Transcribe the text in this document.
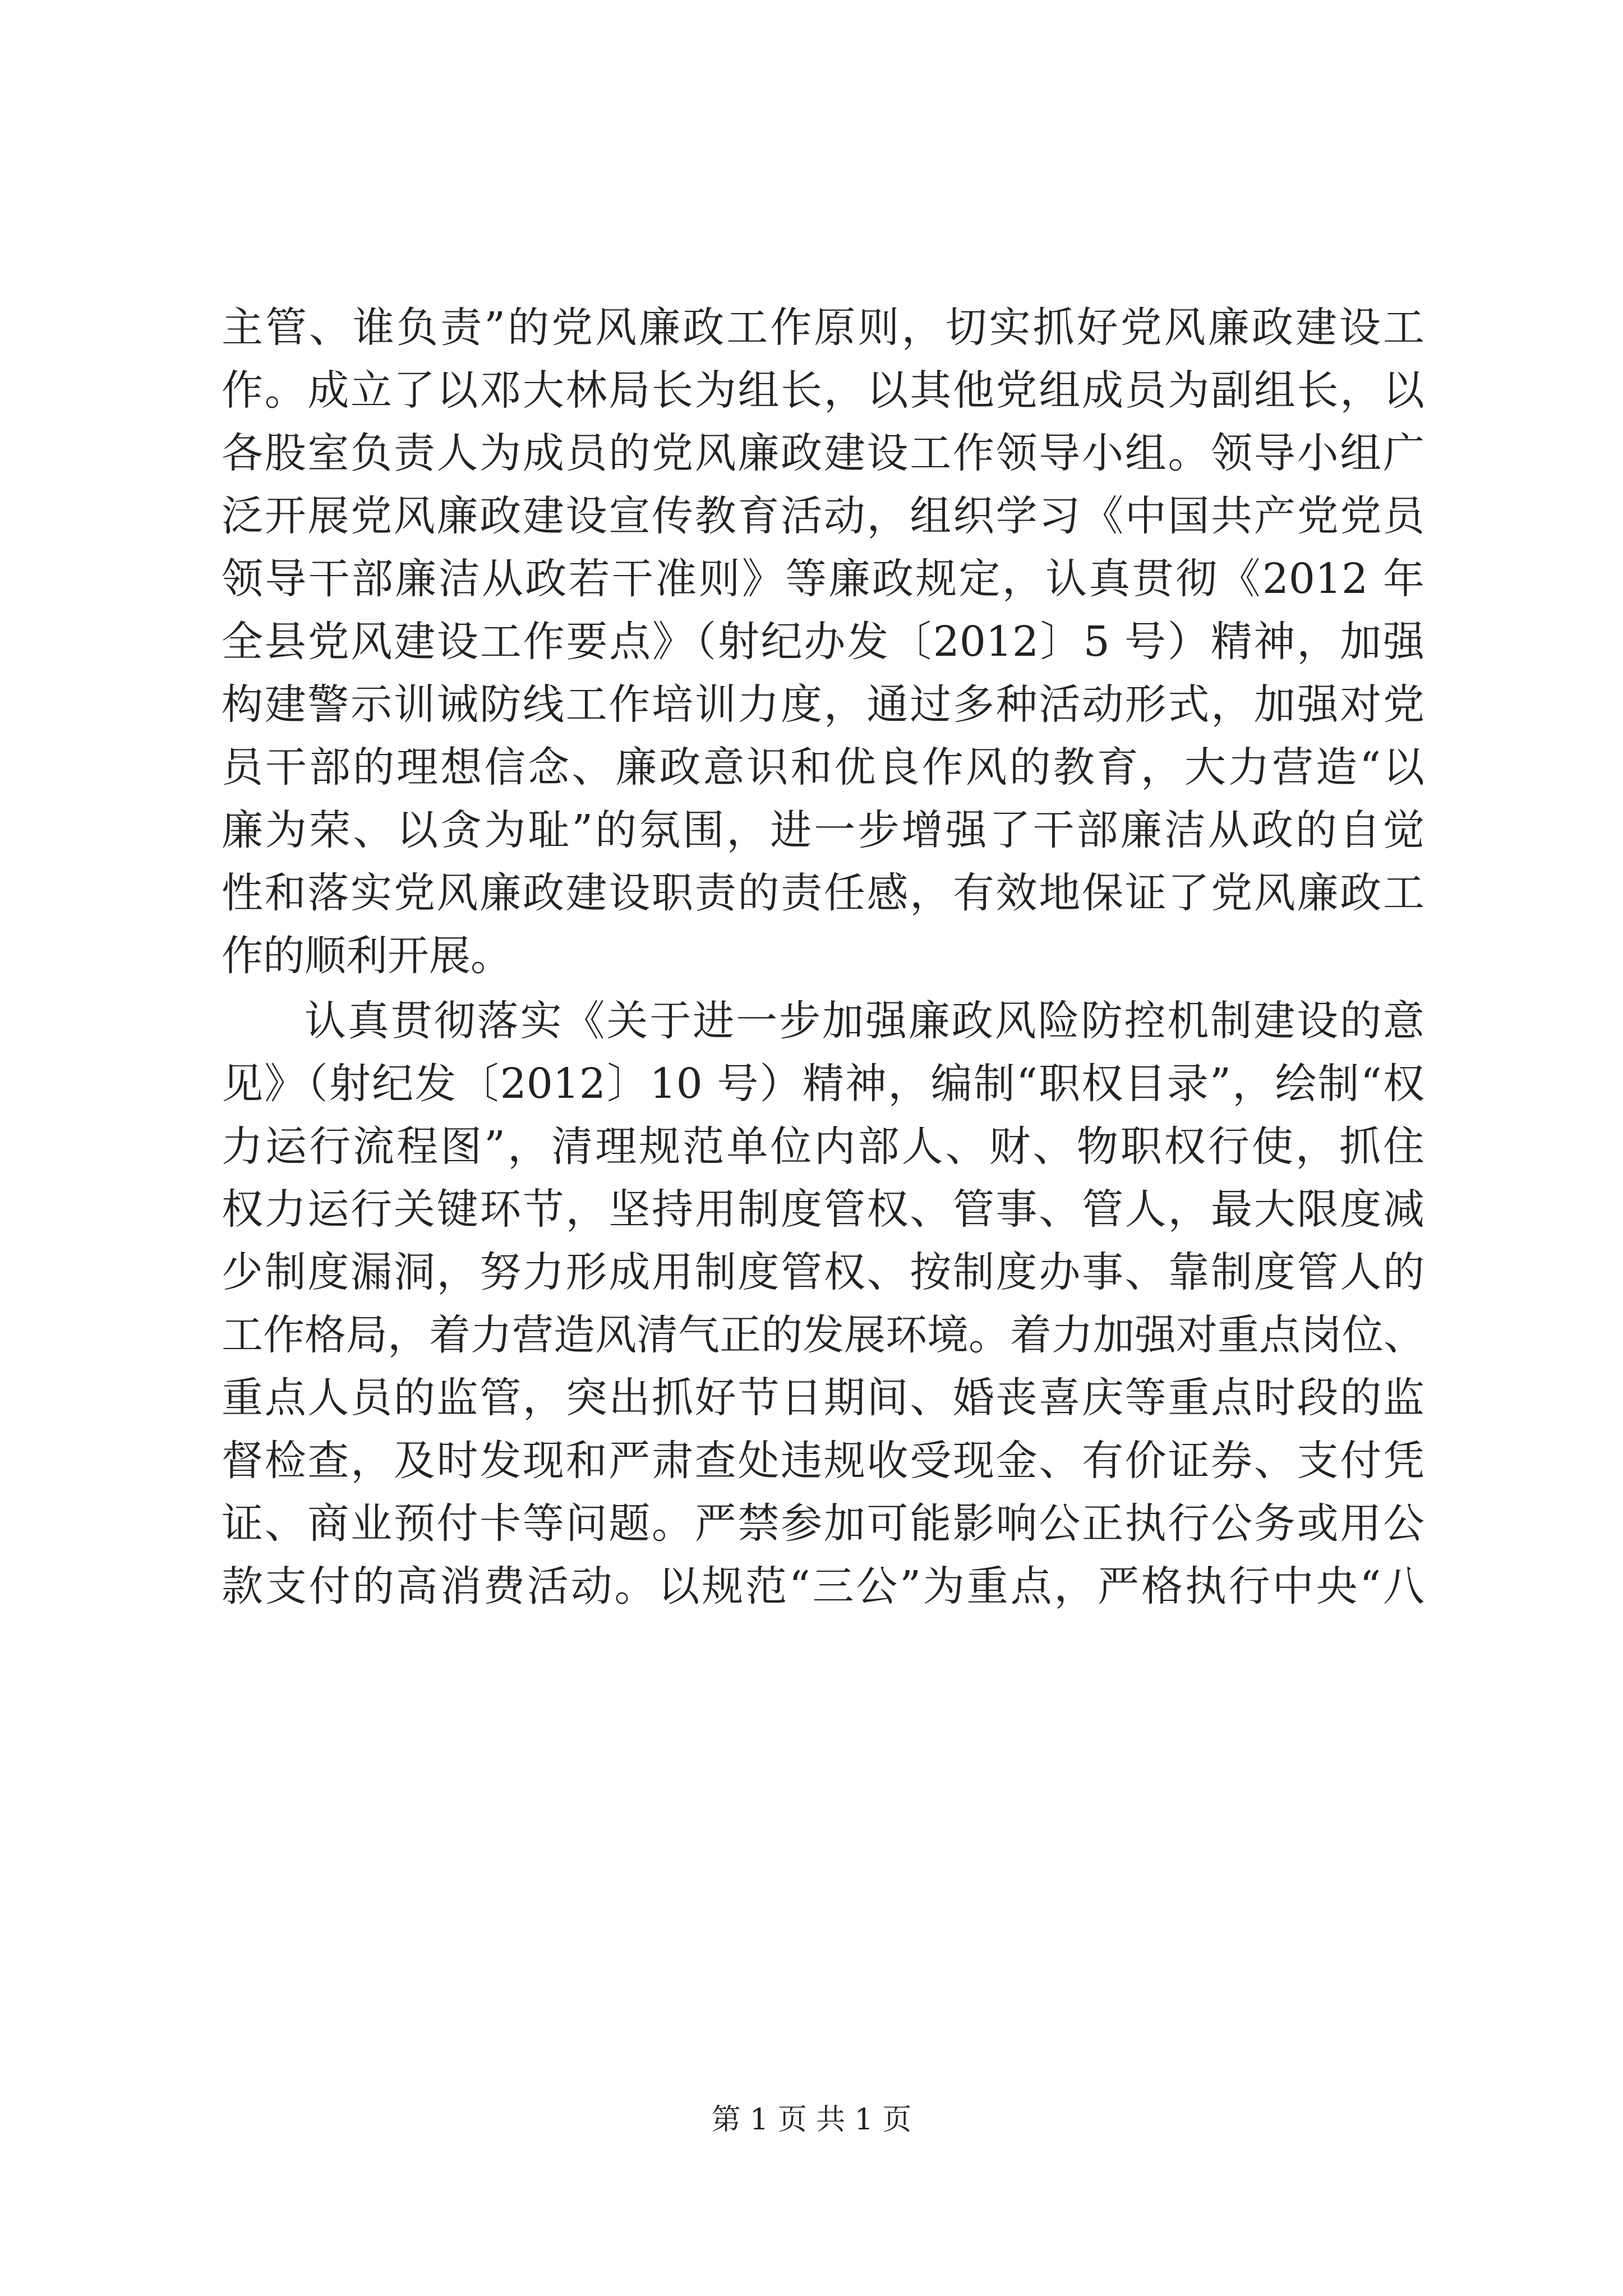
主管、谁负责”的党风廉政工作原则，切实抓好党风廉政建设工
作。成立了以邓大林局长为组长，以其他党组成员为副组长，以
各股室负责人为成员的党风廉政建设工作领导小组。领导小组广
泛开展党风廉政建设宣传教育活动，组织学习《中国共产党党员
领导干部廉洁从政若干准则》等廉政规定，认真贯彻《2012 年
全县党风建设工作要点》（射纪办发〔2012〕5 号）精神，加强
构建警示训诫防线工作培训力度，通过多种活动形式，加强对党
员干部的理想信念、廉政意识和优良作风的教育，大力营造“以
廉为荣、以贪为耻”的氛围，进一步增强了干部廉洁从政的自觉
性和落实党风廉政建设职责的责任感，有效地保证了党风廉政工
作的顺利开展。
认真贯彻落实《关于进一步加强廉政风险防控机制建设的意
见》（射纪发〔2012〕10 号）精神，编制“职权目录”，绘制“权
力运行流程图”，清理规范单位内部人、财、物职权行使，抓住
权力运行关键环节，坚持用制度管权、管事、管人，最大限度减
少制度漏洞，努力形成用制度管权、按制度办事、靠制度管人的
工作格局，着力营造风清气正的发展环境。着力加强对重点岗位、
重点人员的监管，突出抓好节日期间、婚丧喜庆等重点时段的监
督检查，及时发现和严肃查处违规收受现金、有价证券、支付凭
证、商业预付卡等问题。严禁参加可能影响公正执行公务或用公
款支付的高消费活动。以规范“三公”为重点，严格执行中央“八
第 1 页 共 1 页
